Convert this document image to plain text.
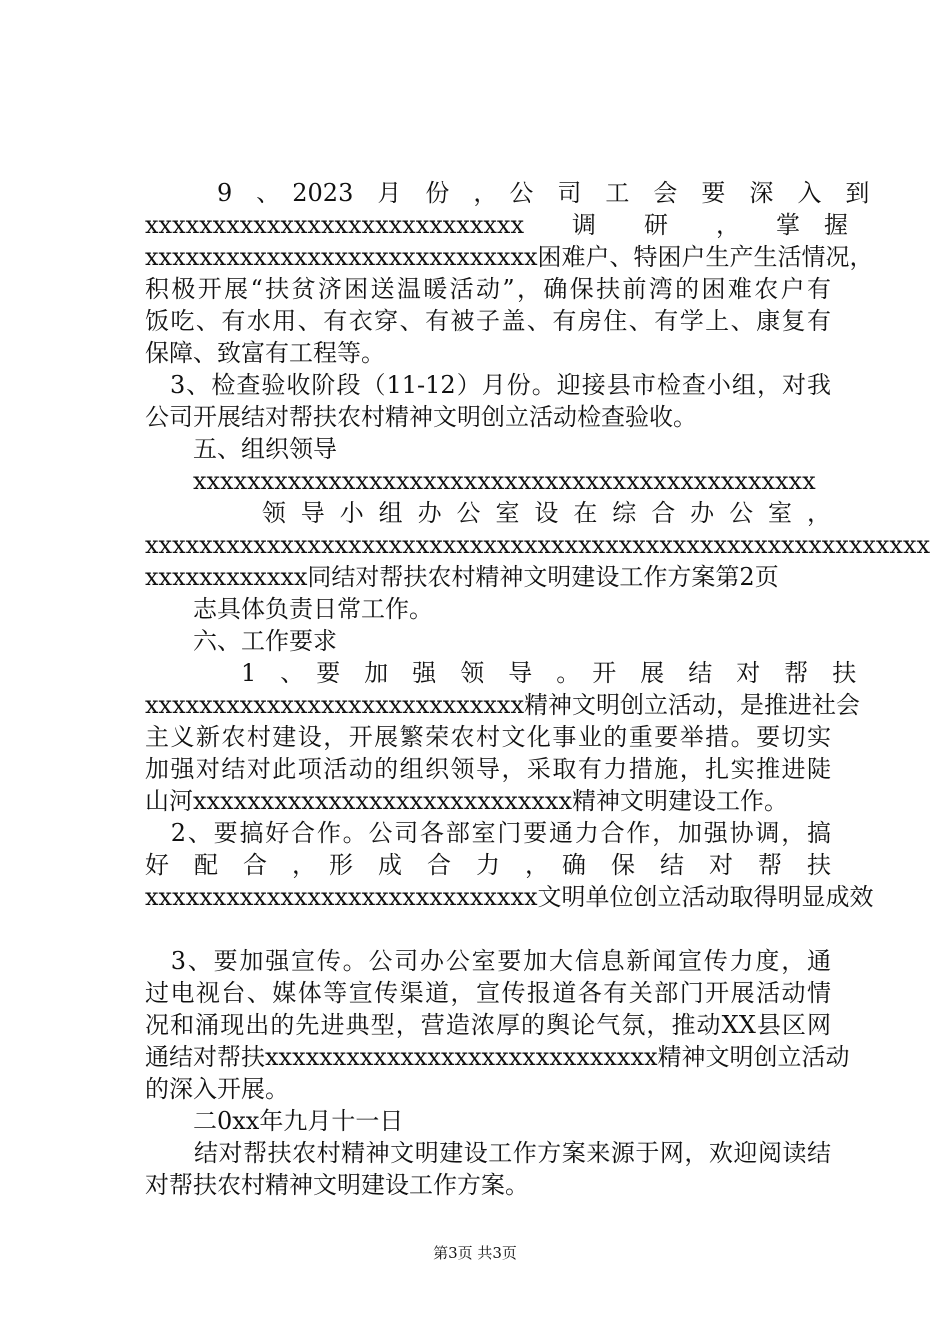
　　　9　、　2023　月　份　，　公　司　工　会　要　深　入　到
xxxxxxxxxxxxxxxxxxxxxxxxxxxx　　调　　研　　，　　掌　握
xxxxxxxxxxxxxxxxxxxxxxxxxxxxx困难户、特困户生产生活情况，
积极开展“扶贫济困送温暖活动”，确保扶前湾的困难农户有
饭吃、有水用、有衣穿、有被子盖、有房住、有学上、康复有
保障、致富有工程等。
　3、检查验收阶段（11-12）月份。迎接县市检查小组，对我
公司开展结对帮扶农村精神文明创立活动检查验收。
　　五、组织领导
　　xxxxxxxxxxxxxxxxxxxxxxxxxxxxxxxxxxxxxxxxxxxxxx
　　　领导小组办公室设在综合办公室，
xxxxxxxxxxxxxxxxxxxxxxxxxxxxxxxxxxxxxxxxxxxxxxxxxxxxxxxxxx
xxxxxxxxxxxx同结对帮扶农村精神文明建设工作方案第2页
　　志具体负责日常工作。
　　六、工作要求
　　　　1　、　要　加　强　领　导　。　开　展　结　对　帮　扶
xxxxxxxxxxxxxxxxxxxxxxxxxxxx精神文明创立活动，是推进社会
主义新农村建设，开展繁荣农村文化事业的重要举措。要切实
加强对结对此项活动的组织领导，采取有力措施，扎实推进陡
山河xxxxxxxxxxxxxxxxxxxxxxxxxxxx精神文明建设工作。
　2、要搞好合作。公司各部室门要通力合作，加强协调，搞
好　配　合　，　形　成　合　力　，　确　保　结　对　帮　扶
xxxxxxxxxxxxxxxxxxxxxxxxxxxxx文明单位创立活动取得明显成效
　3、要加强宣传。公司办公室要加大信息新闻宣传力度，通
过电视台、媒体等宣传渠道，宣传报道各有关部门开展活动情
况和涌现出的先进典型，营造浓厚的舆论气氛，推动XX县区网
通结对帮扶xxxxxxxxxxxxxxxxxxxxxxxxxxxxx精神文明创立活动
的深入开展。
　　二0xx年九月十一日
　　结对帮扶农村精神文明建设工作方案来源于网，欢迎阅读结
对帮扶农村精神文明建设工作方案。
第3页 共3页
